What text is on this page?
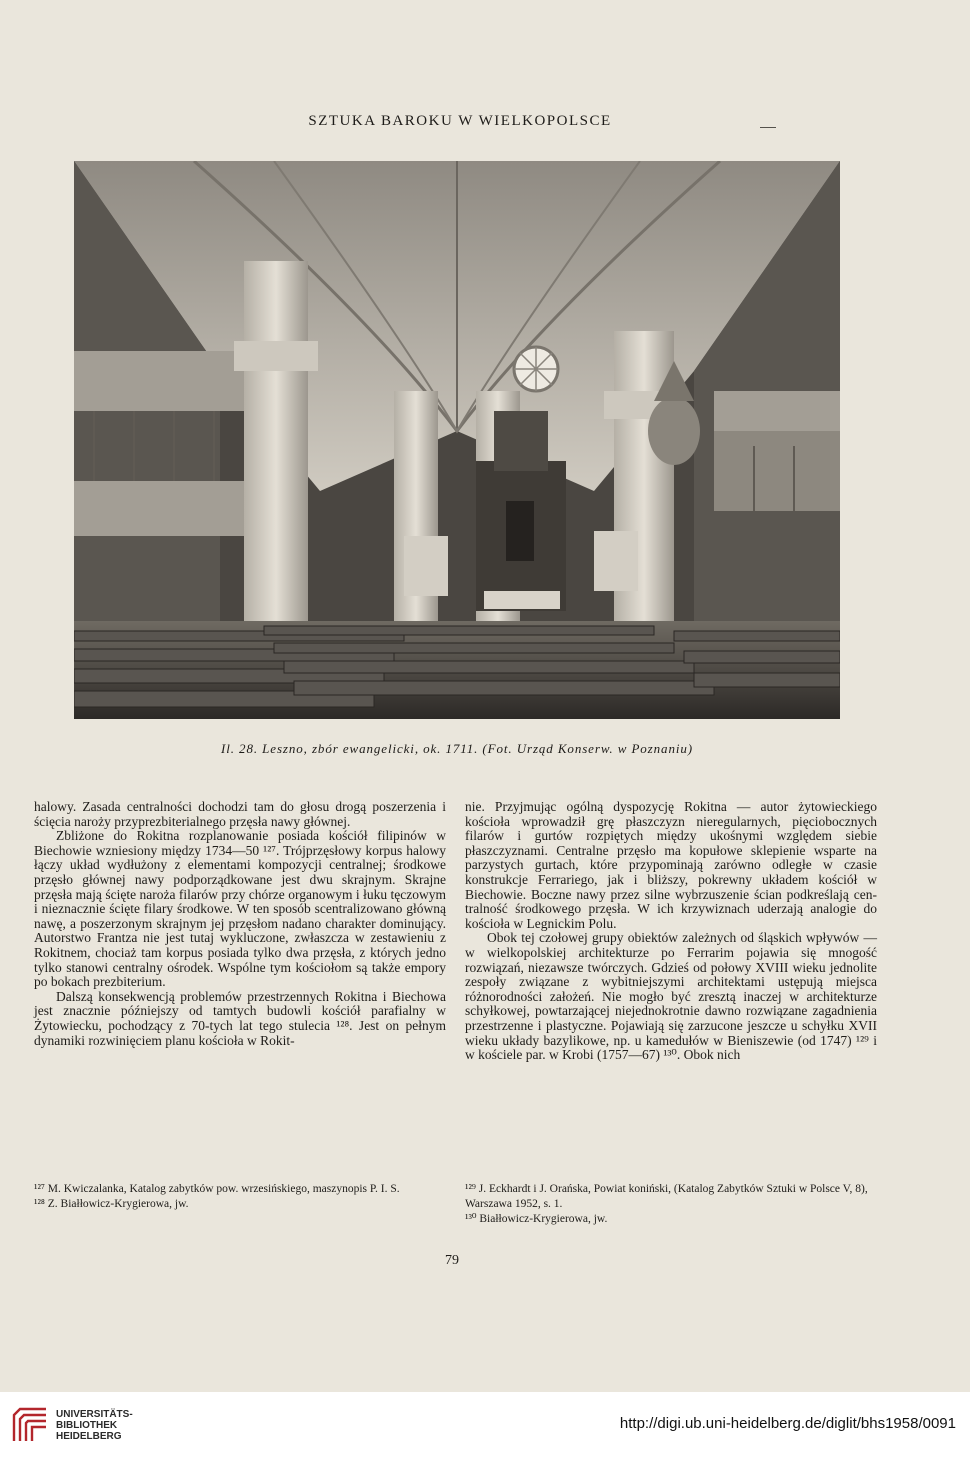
SZTUKA BAROKU W WIELKOPOLSCE
Il. 28. Leszno, zbór ewangelicki, ok. 1711. (Fot. Urząd Konserw. w Poznaniu)

halowy. Zasada centralności dochodzi tam do głosu drogą poszerzenia i ścięcia naroży przyprezbiterialnego przęsła nawy głównej.

Zbliżone do Rokitna rozplanowanie posiada kościół filipinów w Biechowie wzniesiony między 1734—50 ¹²⁷. Trójprzęsłowy korpus halowy łączy układ wydłużony z elementami kompozycji centralnej; środkowe przęsło głównej nawy podporządkowane jest dwu skrajnym. Skrajne przęsła mają ścięte naroża filarów przy chórze organowym i łuku tęczowym i nieznacznie ścięte filary środkowe. W ten sposób scentralizowano główną nawę, a poszerzonym skrajnym jej przęsłom nadano charakter dominujący. Autorstwo Frantza nie jest tutaj wykluczone, zwłaszcza w zestawieniu z Rokitnem, chociaż tam korpus posiada tylko dwa przęsła, z których jedno tylko stanowi centralny ośrodek. Wspólne tym kościołom są także empory po bokach prezbiterium.

Dalszą konsekwencją problemów przestrzennych Rokitna i Biechowa jest znacznie późniejszy od tamtych budowli kościół parafialny w Żytowiecku, pochodzący z 70-tych lat tego stulecia ¹²⁸. Jest on pełnym dynamiki rozwinięciem planu kościoła w Rokit-

nie. Przyjmując ogólną dyspozycję Rokitna — autor żytowieckiego kościoła wprowadził grę płaszczyzn nieregularnych, pięciobocznych filarów i gurtów rozpiętych między ukośnymi względem siebie płaszczyznami. Centralne przęsło ma kopułowe sklepienie wsparte na parzystych gurtach, które przypominają zarówno odległe w czasie konstrukcje Ferrariego, jak i bliższy, pokrewny układem kościół w Biechowie. Boczne nawy przez silne wybrzuszenie ścian podkreślają centralność środkowego przęsła. W ich krzywiznach uderzają analogie do kościoła w Legnickim Polu.

Obok tej czołowej grupy obiektów zależnych od śląskich wpływów — w wielkopolskiej architekturze po Ferrarim pojawia się mnogość rozwiązań, niezawsze twórczych. Gdzieś od połowy XVIII wieku jednolite zespoły związane z wybitniejszymi architektami ustępują miejsca różnorodności założeń. Nie mogło być zresztą inaczej w architekturze schyłkowej, powtarzającej niejednokrotnie dawno rozwiązane zagadnienia przestrzenne i plastyczne. Pojawiają się zarzucone jeszcze u schyłku XVII wieku układy bazylikowe, np. u kamedułów w Bieniszewie (od 1747) ¹²⁹ i w kościele par. w Krobi (1757—67) ¹³⁰. Obok nich

¹²⁷ M. Kwiczalanka, Katalog zabytków pow. wrzesińskiego, maszynopis P. I. S.

¹²⁸ Z. Białłowicz-Krygierowa, jw.

¹²⁹ J. Eckhardt i J. Orańska, Powiat koniński, (Katalog Zabytków Sztuki w Polsce V, 8), Warszawa 1952, s. 1.

¹³⁰ Białłowicz-Krygierowa, jw.

79
UNIVERSITÄTS-
BIBLIOTHEK
HEIDELBERG
http://digi.ub.uni-heidelberg.de/diglit/bhs1958/0091
